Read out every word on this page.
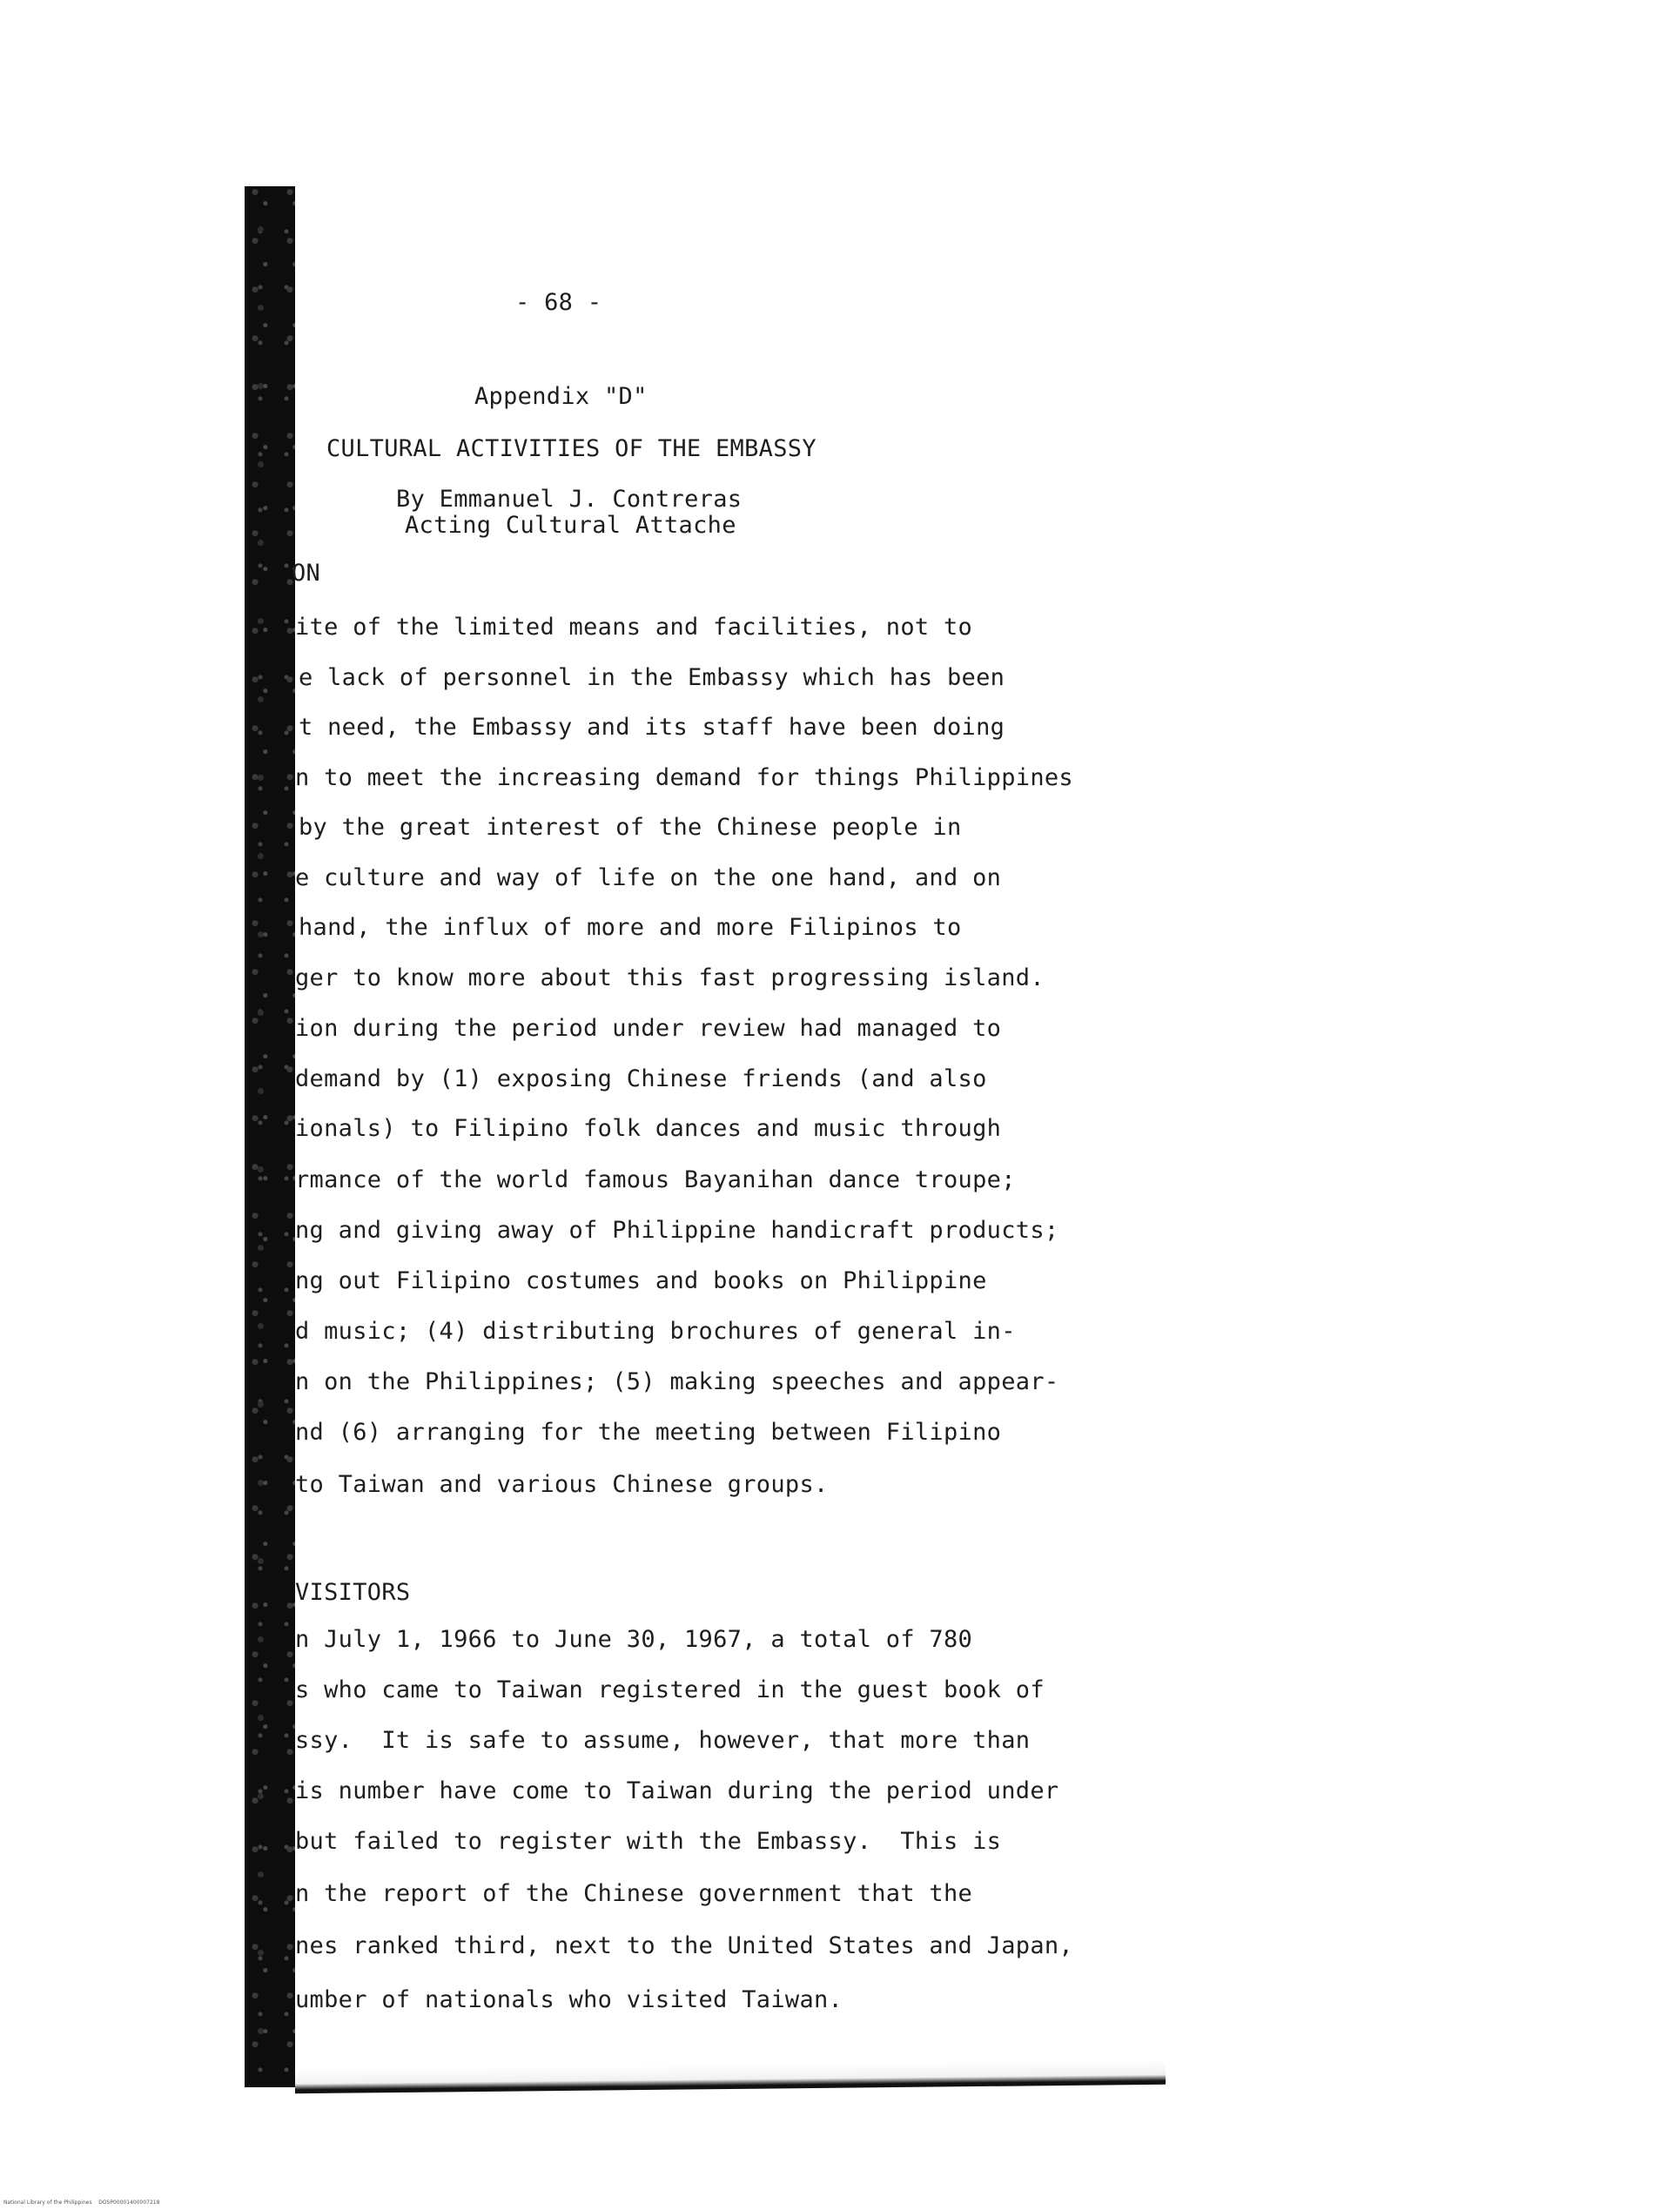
- 68 -
Appendix "D"
CULTURAL ACTIVITIES OF THE EMBASSY
By Emmanuel J. Contreras
Acting Cultural Attache
ON
ite of the limited means and facilities, not to
e lack of personnel in the Embassy which has been
t need, the Embassy and its staff have been doing
n to meet the increasing demand for things Philippines
by the great interest of the Chinese people in
e culture and way of life on the one hand, and on
hand, the influx of more and more Filipinos to
ger to know more about this fast progressing island.
ion during the period under review had managed to
demand by (1) exposing Chinese friends (and also
ionals) to Filipino folk dances and music through
rmance of the world famous Bayanihan dance troupe;
ng and giving away of Philippine handicraft products;
ng out Filipino costumes and books on Philippine
d music; (4) distributing brochures of general in-
n on the Philippines; (5) making speeches and appear-
nd (6) arranging for the meeting between Filipino
to Taiwan and various Chinese groups.
VISITORS
n July 1, 1966 to June 30, 1967, a total of 780
s who came to Taiwan registered in the guest book of
ssy.  It is safe to assume, however, that more than
is number have come to Taiwan during the period under
but failed to register with the Embassy.  This is
n the report of the Chinese government that the
nes ranked third, next to the United States and Japan,
umber of nationals who visited Taiwan.
National Library of the Philippines    DOSP00001400007218
